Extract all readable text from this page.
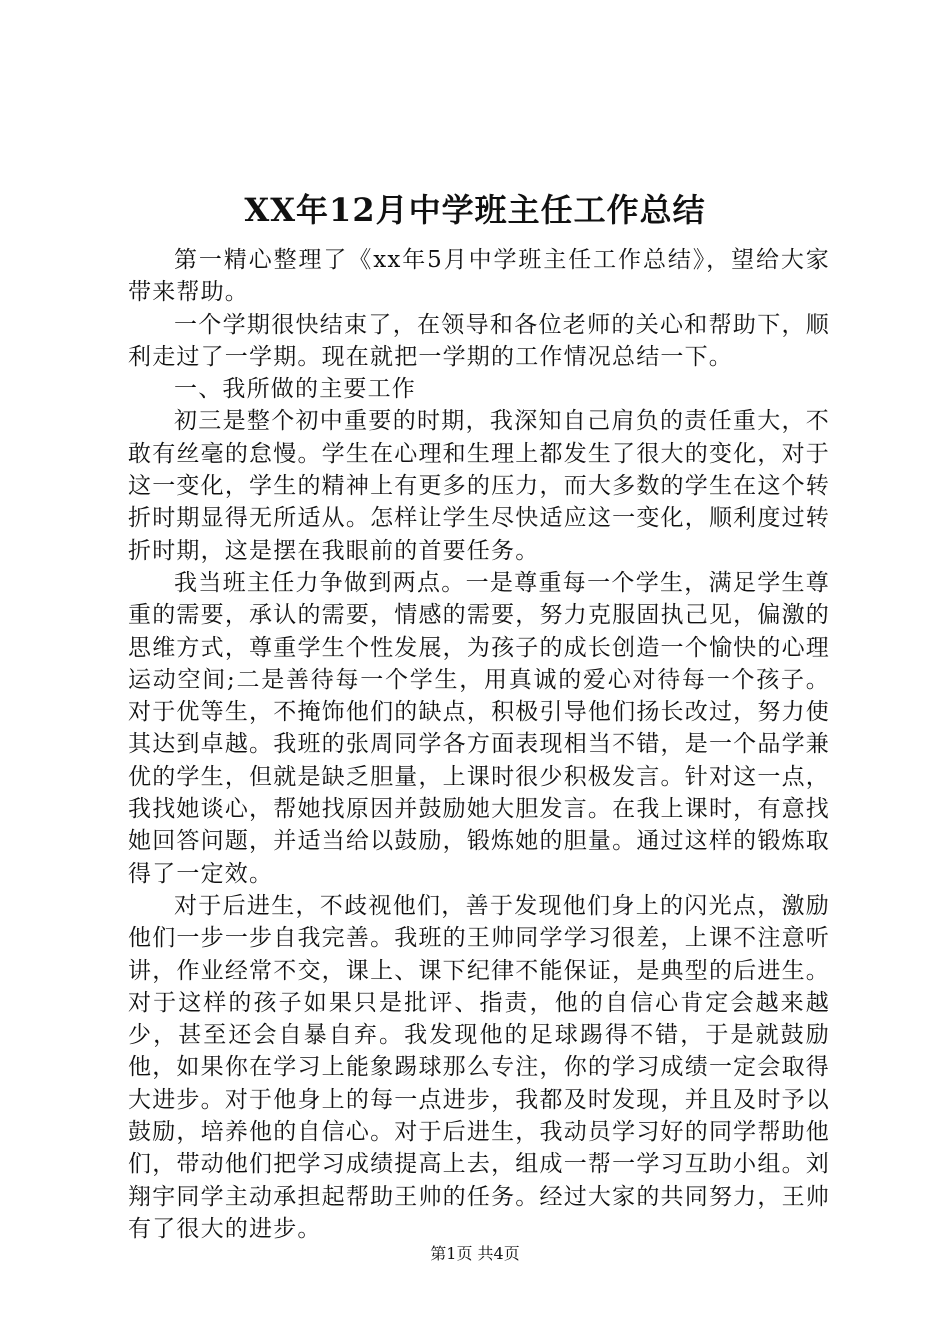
XX年12月中学班主任工作总结

第一精心整理了《xx年5月中学班主任工作总结》，望给大家带来帮助。

一个学期很快结束了，在领导和各位老师的关心和帮助下，顺利走过了一学期。现在就把一学期的工作情况总结一下。

一、我所做的主要工作

初三是整个初中重要的时期，我深知自己肩负的责任重大，不敢有丝毫的怠慢。学生在心理和生理上都发生了很大的变化，对于这一变化，学生的精神上有更多的压力，而大多数的学生在这个转折时期显得无所适从。怎样让学生尽快适应这一变化，顺利度过转折时期，这是摆在我眼前的首要任务。

我当班主任力争做到两点。一是尊重每一个学生，满足学生尊重的需要，承认的需要，情感的需要，努力克服固执己见，偏激的思维方式，尊重学生个性发展，为孩子的成长创造一个愉快的心理运动空间;二是善待每一个学生，用真诚的爱心对待每一个孩子。对于优等生，不掩饰他们的缺点，积极引导他们扬长改过，努力使其达到卓越。我班的张周同学各方面表现相当不错，是一个品学兼优的学生，但就是缺乏胆量，上课时很少积极发言。针对这一点，我找她谈心，帮她找原因并鼓励她大胆发言。在我上课时，有意找她回答问题，并适当给以鼓励，锻炼她的胆量。通过这样的锻炼取得了一定效。

对于后进生，不歧视他们，善于发现他们身上的闪光点，激励他们一步一步自我完善。我班的王帅同学学习很差，上课不注意听讲，作业经常不交，课上、课下纪律不能保证，是典型的后进生。对于这样的孩子如果只是批评、指责，他的自信心肯定会越来越少，甚至还会自暴自弃。我发现他的足球踢得不错，于是就鼓励他，如果你在学习上能象踢球那么专注，你的学习成绩一定会取得大进步。对于他身上的每一点进步，我都及时发现，并且及时予以鼓励，培养他的自信心。对于后进生，我动员学习好的同学帮助他们，带动他们把学习成绩提高上去，组成一帮一学习互助小组。刘翔宇同学主动承担起帮助王帅的任务。经过大家的共同努力，王帅有了很大的进步。

第1页 共4页
